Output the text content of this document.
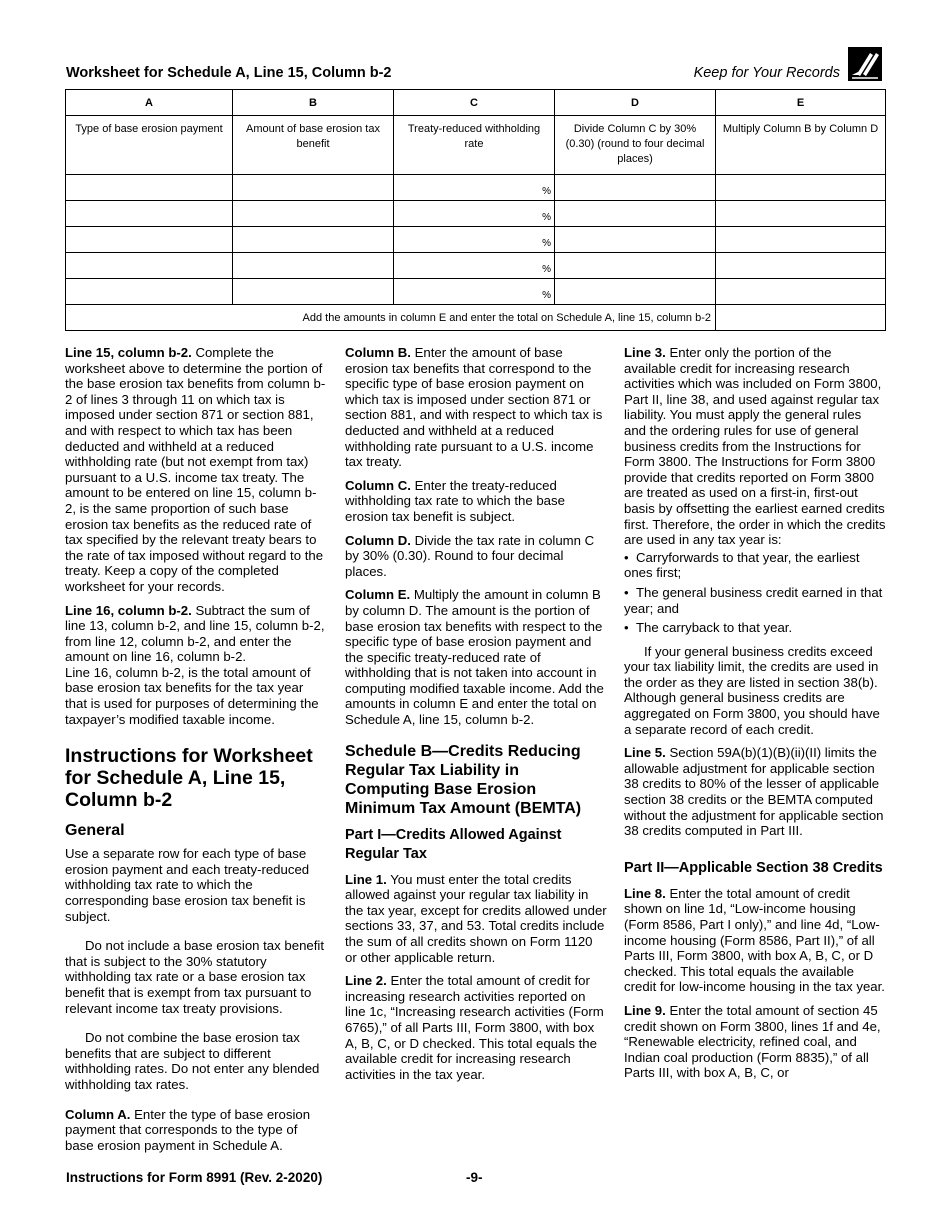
Worksheet for Schedule A, Line 15, Column b-2	Keep for Your Records
A	B	C	D	E
Type of base erosion payment	Amount of base erosion tax benefit	Treaty-reduced withholding rate	Divide Column C by 30% (0.30) (round to four decimal places)	Multiply Column B by Column D
		%		
		%		
		%		
		%		
		%		
Add the amounts in column E and enter the total on Schedule A, line 15, column b-2				

Line 15, column b-2. Complete the worksheet above to determine the portion of the base erosion tax benefits from column b-2 of lines 3 through 11 on which tax is imposed under section 871 or section 881, and with respect to which tax has been deducted and withheld at a reduced withholding rate (but not exempt from tax) pursuant to a U.S. income tax treaty. The amount to be entered on line 15, column b-2, is the same proportion of such base erosion tax benefits as the reduced rate of tax specified by the relevant treaty bears to the rate of tax imposed without regard to the treaty. Keep a copy of the completed worksheet for your records.

Line 16, column b-2. Subtract the sum of line 13, column b-2, and line 15, column b-2, from line 12, column b-2, and enter the amount on line 16, column b-2.

Line 16, column b-2, is the total amount of base erosion tax benefits for the tax year that is used for purposes of determining the taxpayer’s modified taxable income.

Instructions for Worksheet for Schedule A, Line 15, Column b-2
General

Use a separate row for each type of base erosion payment and each treaty-reduced withholding tax rate to which the corresponding base erosion tax benefit is subject.

Do not include a base erosion tax benefit that is subject to the 30% statutory withholding tax rate or a base erosion tax benefit that is exempt from tax pursuant to relevant income tax treaty provisions.

Do not combine the base erosion tax benefits that are subject to different withholding rates. Do not enter any blended withholding tax rates.

Column A. Enter the type of base erosion payment that corresponds to the type of base erosion payment in Schedule A.

Column B. Enter the amount of base erosion tax benefits that correspond to the specific type of base erosion payment on which tax is imposed under section 871 or section 881, and with respect to which tax is deducted and withheld at a reduced withholding rate pursuant to a U.S. income tax treaty.

Column C. Enter the treaty-reduced withholding tax rate to which the base erosion tax benefit is subject.

Column D. Divide the tax rate in column C by 30% (0.30). Round to four decimal places.

Column E. Multiply the amount in column B by column D. The amount is the portion of base erosion tax benefits with respect to the specific type of base erosion payment and the specific treaty-reduced rate of withholding that is not taken into account in computing modified taxable income. Add the amounts in column E and enter the total on Schedule A, line 15, column b-2.

Schedule B—Credits Reducing Regular Tax Liability in Computing Base Erosion Minimum Tax Amount (BEMTA)
Part I—Credits Allowed Against Regular Tax

Line 1. You must enter the total credits allowed against your regular tax liability in the tax year, except for credits allowed under sections 33, 37, and 53. Total credits include the sum of all credits shown on Form 1120 or other applicable return.

Line 2. Enter the total amount of credit for increasing research activities reported on line 1c, “Increasing research activities (Form 6765),” of all Parts III, Form 3800, with box A, B, C, or D checked. This total equals the available credit for increasing research activities in the tax year.

Line 3. Enter only the portion of the available credit for increasing research activities which was included on Form 3800, Part II, line 38, and used against regular tax liability. You must apply the general rules and the ordering rules for use of general business credits from the Instructions for Form 3800. The Instructions for Form 3800 provide that credits reported on Form 3800 are treated as used on a first-in, first-out basis by offsetting the earliest earned credits first. Therefore, the order in which the credits are used in any tax year is:

• Carryforwards to that year, the earliest ones first;

• The general business credit earned in that year; and

• The carryback to that year.

If your general business credits exceed your tax liability limit, the credits are used in the order as they are listed in section 38(b). Although general business credits are aggregated on Form 3800, you should have a separate record of each credit.

Line 5. Section 59A(b)(1)(B)(ii)(II) limits the allowable adjustment for applicable section 38 credits to 80% of the lesser of applicable section 38 credits or the BEMTA computed without the adjustment for applicable section 38 credits computed in Part III.

Part II—Applicable Section 38 Credits

Line 8. Enter the total amount of credit shown on line 1d, “Low-income housing (Form 8586, Part I only),” and line 4d, “Low-income housing (Form 8586, Part II),” of all Parts III, Form 3800, with box A, B, C, or D checked. This total equals the available credit for low-income housing in the tax year.

Line 9. Enter the total amount of section 45 credit shown on Form 3800, lines 1f and 4e, “Renewable electricity, refined coal, and Indian coal production (Form 8835),” of all Parts III, with box A, B, C, or

Instructions for Form 8991 (Rev. 2-2020)	-9-
